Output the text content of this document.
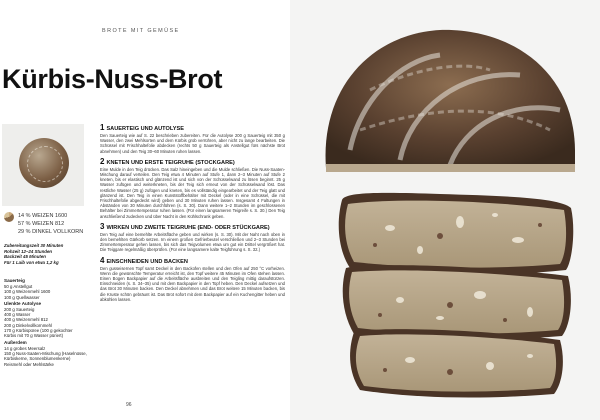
BROTE MIT GEMÜSE
Kürbis-Nuss-Brot
14 % WEIZEN 1600
57 % WEIZEN 812
29 % DINKEL VOLLKORN
Zubereitungszeit 30 Minuten
Rohzeit 12–24 Stunden
Backzeit 45 Minuten
Für 1 Laib von etwa 1,2 kg
Sauerteig
50 g Anstellgut
100 g Weizenmehl 1600
100 g Quellwasser
Ulenkte Autolyse
200 g Sauerteig
400 g Wasser
400 g Weizenmehl 812
200 g Dinkelvollkornmehl
170 g Kürbispüree (100 g gekochter
Kürbis mit 70 g Wasser püriert)
Außerdem
14 g grobes Meersalz
150 g Nuss-Saaten-Mischung (Haselnüsse,
Kürbiskerne, Sonnenblumenkerne)
Reismehl oder Mehlstärke
1 SAUERTEIG UND AUTOLYSE
Den Sauerteig wie auf S. 22 beschrieben zubereiten. Für die Autolyse 200 g Sauerteig mit 350 g Wasser, den zwei Mehlsorten und dem Kürbis grob verrühren, aber nicht zu lange bearbeiten. Die Schüssel mit Frischhaltefolie abdecken (rechts 50 g Sauerteig als Anstellgut fürs nächste Brot abnehmen) und den Teig 30–60 Minuten ruhen lassen.
2 KNETEN UND ERSTE TEIGRUHE (STOCKGARE)
Eine Mulde in den Teig drücken. Das Salz hineingeben und die Mulde schließen. Die Nuss-Saaten-Mischung darauf verteilen. Den Teig etwa 4 Minuten auf Stufe 1, dann 2–3 Minuten auf Stufe 2 kneten, bis er elastisch und glänzend ist und sich von der Schüsselwand zu lösen beginnt. 25 g Wasser zufügen und weiterkneten, bis der Teig sich erneut von der Schüsselwand löst. Das restliche Wasser (25 g) zufügen und kneten, bis es vollständig eingearbeitet und der Teig glatt und glänzend ist. Den Teig in einen Kunststoffbehälter mit Deckel (oder in eine Schüssel, die mit Frischhaltefolie abgedeckt wird) geben und 30 Minuten ruhen lassen. Insgesamt 4 Faltungen in Abständen von 30 Minuten durchführen (s. S. 30). Dann weitere 1–2 Stunden im geschlossenen Behälter bei Zimmertemperatur ruhen lassen. (Für einen langsameren Teigreife s. S. 30.) Den Teig anschließend zudecken und über Nacht in den Kühlschrank geben.
3 WIRKEN UND ZWEITE TEIGRUHE (END- ODER STÜCKGARE)
Den Teig auf eine bemehlte Arbeitsfläche geben und wirken (s. S. 30). Mit der Naht nach oben in den bemehlten Gärkorb setzen. Im einem großen Gefrierbeutel verschließen und 2–3 Stunden bei Zimmertemperatur gehen lassen, bis sich das Teigvolumen etwa um gut ein Drittel vergrößert hat. Die Teiggare regelmäßig überprüfen. (Für eine langsamere kalte Teigführung s. S. 32.)
4 EINSCHNEIDEN UND BACKEN
Den gusseisernen Topf samt Deckel in den Backofen stellen und den Ofen auf 250 °C vorheizen. Wenn die gewünschte Temperatur erreicht ist, den Topf weitere 45 Minuten im Ofen stehen lassen. Einen Bogen Backpapier auf die Arbeitsfläche ausbreiten und den Teigling mittig daraufstürzen. Einschneiden (s. S. 34–35) und mit dem Backpapier in den Topf heben. Den Deckel aufsetzen und das Brot 30 Minuten backen. Den Deckel abnehmen und das Brot weitere 15 Minuten backen, bis die Kruste schön gebräunt ist. Das Brot sofort mit dem Backpapier auf ein Kuchengitter heben und abkühlen lassen.
96
